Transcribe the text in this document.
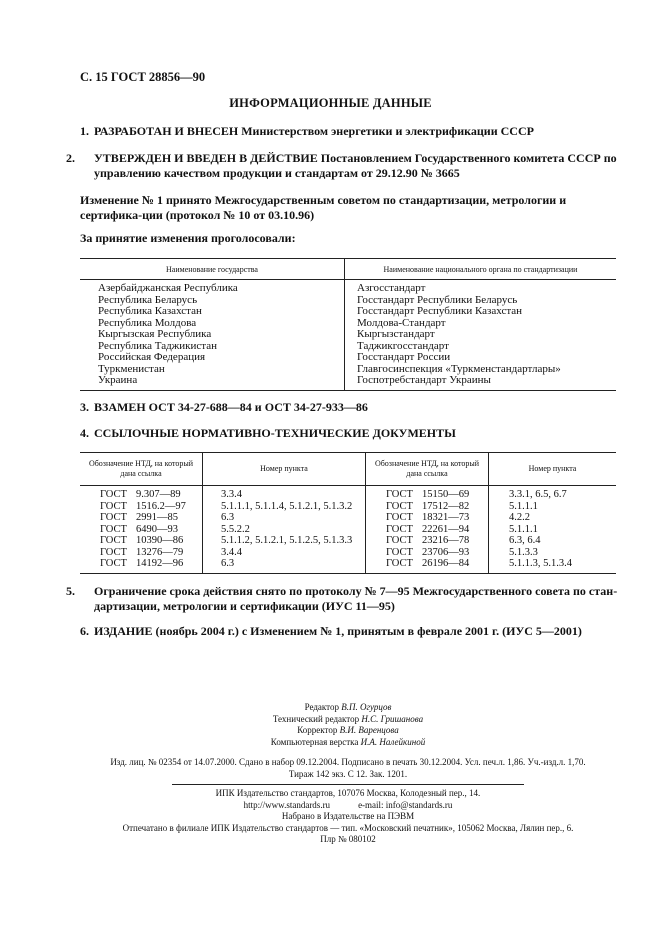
С. 15 ГОСТ 28856—90
ИНФОРМАЦИОННЫЕ ДАННЫЕ
1. РАЗРАБОТАН И ВНЕСЕН Министерством энергетики и электрификации СССР
2. УТВЕРЖДЕН И ВВЕДЕН В ДЕЙСТВИЕ Постановлением Государственного комитета СССР по управлению качеством продукции и стандартам от 29.12.90 № 3665
Изменение № 1 принято Межгосударственным советом по стандартизации, метрологии и сертифика-ции (протокол № 10 от 03.10.96)
За принятие изменения проголосовали:
Наименование государства	Наименование национального органа по стандартизации
Азербайджанская Республика	Азгосстандарт
Республика Беларусь	Госстандарт Республики Беларусь
Республика Казахстан	Госстандарт Республики Казахстан
Республика Молдова	Молдова-Стандарт
Кыргызская Республика	Кыргызстандарт
Республика Таджикистан	Таджикгосстандарт
Российская Федерация	Госстандарт России
Туркменистан	Главгосинспекция «Туркменстандартлары»
Украина	Госпотребстандарт Украины
3. ВЗАМЕН ОСТ 34-27-688—84 и ОСТ 34-27-933—86
4. ССЫЛОЧНЫЕ НОРМАТИВНО-ТЕХНИЧЕСКИЕ ДОКУМЕНТЫ
Обозначение НТД, на который дана ссылка	Номер пункта	Обозначение НТД, на который дана ссылка	Номер пункта
ГОСТ 9.307—89	3.3.4	ГОСТ 15150—69	3.3.1, 6.5, 6.7
ГОСТ 1516.2—97	5.1.1.1, 5.1.1.4, 5.1.2.1, 5.1.3.2	ГОСТ 17512—82	5.1.1.1
ГОСТ 2991—85	6.3	ГОСТ 18321—73	4.2.2
ГОСТ 6490—93	5.5.2.2	ГОСТ 22261—94	5.1.1.1
ГОСТ 10390—86	5.1.1.2, 5.1.2.1, 5.1.2.5, 5.1.3.3	ГОСТ 23216—78	6.3, 6.4
ГОСТ 13276—79	3.4.4	ГОСТ 23706—93	5.1.3.3
ГОСТ 14192—96	6.3	ГОСТ 26196—84	5.1.1.3, 5.1.3.4
5. Ограничение срока действия снято по протоколу № 7—95 Межгосударственного совета по стан-дартизации, метрологии и сертификации (ИУС 11—95)
6. ИЗДАНИЕ (ноябрь 2004 г.) с Изменением № 1, принятым в феврале 2001 г. (ИУС 5—2001)
Редактор В.П. Огурцов
Технический редактор Н.С. Гришанова
Корректор В.И. Варенцова
Компьютерная верстка И.А. Налейкиной
Изд. лиц. № 02354 от 14.07.2000. Сдано в набор 09.12.2004. Подписано в печать 30.12.2004. Усл. печ.л. 1,86. Уч.-изд.л. 1,70.
Тираж 142 экз. С 12. Зак. 1201.
ИПК Издательство стандартов, 107076 Москва, Колодезный пер., 14.
http://www.standards.ru	e-mail: info@standards.ru
Набрано в Издательстве на ПЭВМ
Отпечатано в филиале ИПК Издательство стандартов — тип. «Московский печатник», 105062 Москва, Лялин пер., 6.
Плр № 080102
